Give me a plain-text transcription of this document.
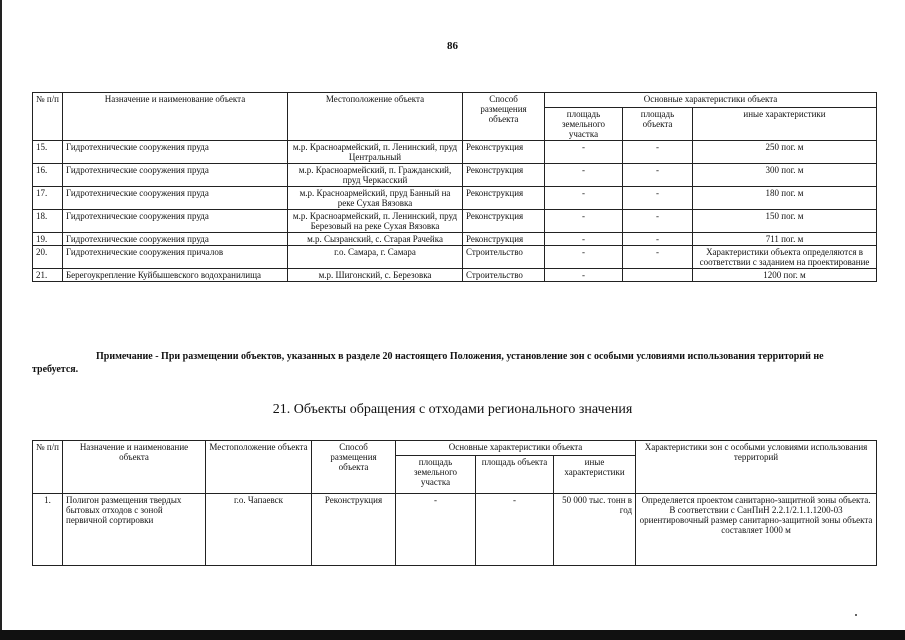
86
№ п/п	Назначение и наименование объекта	Местоположение объекта	Способ размещения объекта	Основные характеристики объекта		
				площадь земельного участка	площадь объекта	иные характеристики
15.	Гидротехнические сооружения пруда	м.р. Красноармейский, п. Ленинский, пруд Центральный	Реконструкция	-	-	250 пог. м
16.	Гидротехнические сооружения пруда	м.р. Красноармейский, п. Гражданский, пруд Черкасский	Реконструкция	-	-	300 пог. м
17.	Гидротехнические сооружения пруда	м.р. Красноармейский, пруд Банный на реке Сухая Вязовка	Реконструкция	-	-	180 пог. м
18.	Гидротехнические сооружения пруда	м.р. Красноармейский, п. Ленинский, пруд Березовый на реке Сухая Вязовка	Реконструкция	-	-	150 пог. м
19.	Гидротехнические сооружения пруда	м.р. Сызранский, с. Старая Рачейка	Реконструкция	-	-	711 пог. м
20.	Гидротехнические сооружения причалов	г.о. Самара, г. Самара	Строительство	-	-	Характеристики объекта определяются в соответствии с заданием на проектирование
21.	Берегоукрепление Куйбышевского водохранилища	м.р. Шигонский, с. Березовка	Строительство	-		1200 пог. м
Примечание - При размещении объектов, указанных в разделе 20 настоящего Положения, установление зон с особыми условиями использования территорий не требуется.
21. Объекты обращения с отходами регионального значения
№ п/п	Назначение и наименование объекта	Местоположение объекта	Способ размещения объекта	Основные характеристики объекта			Характеристики зон с особыми условиями использования территорий
				площадь земельного участка	площадь объекта	иные характеристики	
1.	Полигон размещения твердых бытовых отходов с зоной первичной сортировки	г.о. Чапаевск	Реконструкция	-	-	50 000 тыс. тонн в год	Определяется проектом санитарно-защитной зоны объекта. В соответствии с СанПиН 2.2.1/2.1.1.1200-03 ориентировочный размер санитарно-защитной зоны объекта составляет 1000 м
